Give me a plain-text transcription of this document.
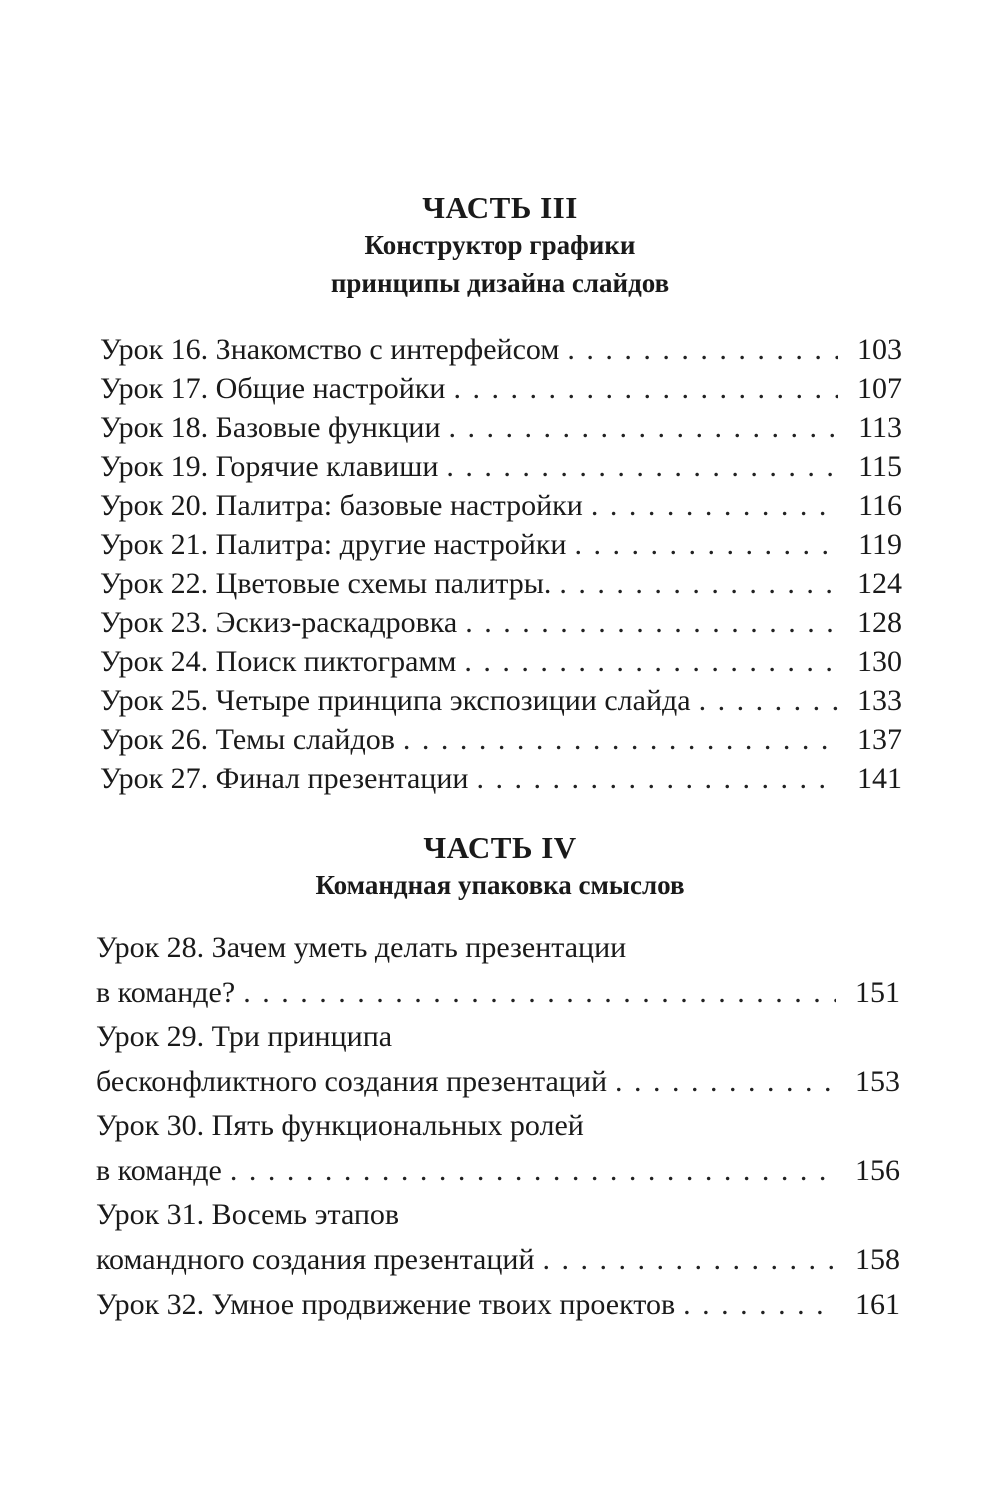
ЧАСТЬ III
Конструктор графики
принципы дизайна слайдов
Урок 16. Знакомство с интерфейсом . . .	103
Урок 17. Общие настройки . . .	107
Урок 18. Базовые функции . . .	113
Урок 19. Горячие клавиши . . .	115
Урок 20. Палитра: базовые настройки . . .	116
Урок 21. Палитра: другие настройки . . .	119
Урок 22. Цветовые схемы палитры. . . .	124
Урок 23. Эскиз-раскадровка . . .	128
Урок 24. Поиск пиктограмм . . .	130
Урок 25. Четыре принципа экспозиции слайда . . .	133
Урок 26. Темы слайдов . . .	137
Урок 27. Финал презентации . . .	141
ЧАСТЬ IV
Командная упаковка смыслов
Урок 28. Зачем уметь делать презентации
в команде? . . .	151
Урок 29. Три принципа
бесконфликтного создания презентаций . . .	153
Урок 30. Пять функциональных ролей
в команде . . .	156
Урок 31. Восемь этапов
командного создания презентаций . . .	158
Урок 32. Умное продвижение твоих проектов . . .	161
